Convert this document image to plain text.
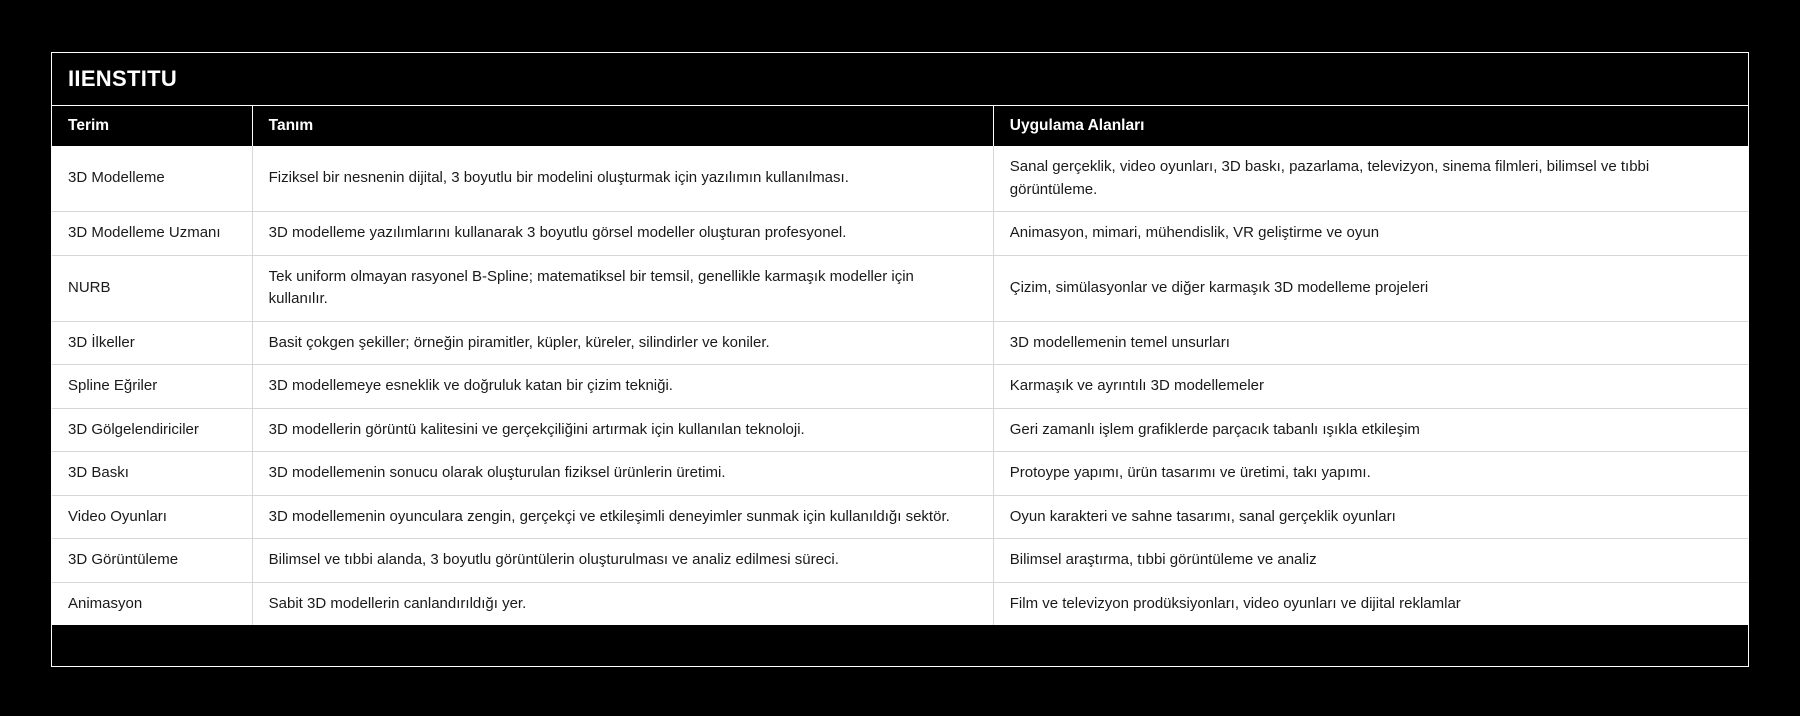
IIENSTITU
Terim	Tanım	Uygulama Alanları
3D Modelleme	Fiziksel bir nesnenin dijital, 3 boyutlu bir modelini oluşturmak için yazılımın kullanılması.	Sanal gerçeklik, video oyunları, 3D baskı, pazarlama, televizyon, sinema filmleri, bilimsel ve tıbbi görüntüleme.
3D Modelleme Uzmanı	3D modelleme yazılımlarını kullanarak 3 boyutlu görsel modeller oluşturan profesyonel.	Animasyon, mimari, mühendislik, VR geliştirme ve oyun
NURB	Tek uniform olmayan rasyonel B-Spline; matematiksel bir temsil, genellikle karmaşık modeller için kullanılır.	Çizim, simülasyonlar ve diğer karmaşık 3D modelleme projeleri
3D İlkeller	Basit çokgen şekiller; örneğin piramitler, küpler, küreler, silindirler ve koniler.	3D modellemenin temel unsurları
Spline Eğriler	3D modellemeye esneklik ve doğruluk katan bir çizim tekniği.	Karmaşık ve ayrıntılı 3D modellemeler
3D Gölgelendiriciler	3D modellerin görüntü kalitesini ve gerçekçiliğini artırmak için kullanılan teknoloji.	Geri zamanlı işlem grafiklerde parçacık tabanlı ışıkla etkileşim
3D Baskı	3D modellemenin sonucu olarak oluşturulan fiziksel ürünlerin üretimi.	Protoype yapımı, ürün tasarımı ve üretimi, takı yapımı.
Video Oyunları	3D modellemenin oyunculara zengin, gerçekçi ve etkileşimli deneyimler sunmak için kullanıldığı sektör.	Oyun karakteri ve sahne tasarımı, sanal gerçeklik oyunları
3D Görüntüleme	Bilimsel ve tıbbi alanda, 3 boyutlu görüntülerin oluşturulması ve analiz edilmesi süreci.	Bilimsel araştırma, tıbbi görüntüleme ve analiz
Animasyon	Sabit 3D modellerin canlandırıldığı yer.	Film ve televizyon prodüksiyonları, video oyunları ve dijital reklamlar
